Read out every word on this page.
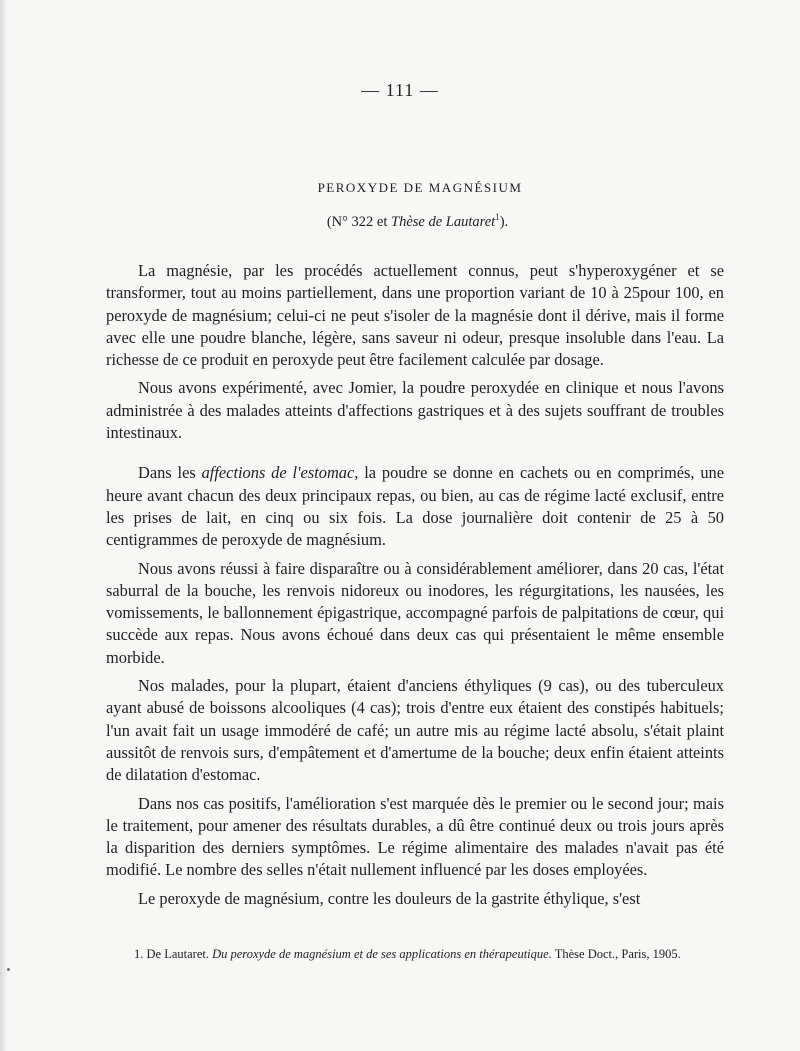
— 111 —
PEROXYDE DE MAGNÉSIUM
(N° 322 et Thèse de Lautaret$^1$).

La magnésie, par les procédés actuellement connus, peut s'hyperoxygéner et se transformer, tout au moins partiellement, dans une proportion variant de 10 à 25pour 100, en peroxyde de magnésium; celui-ci ne peut s'isoler de la magnésie dont il dérive, mais il forme avec elle une poudre blanche, légère, sans saveur ni odeur, presque insoluble dans l'eau. La richesse de ce produit en peroxyde peut être facilement calculée par dosage.

Nous avons expérimenté, avec Jomier, la poudre peroxydée en clinique et nous l'avons administrée à des malades atteints d'affections gastriques et à des sujets souffrant de troubles intestinaux.

Dans les affections de l'estomac, la poudre se donne en cachets ou en comprimés, une heure avant chacun des deux principaux repas, ou bien, au cas de régime lacté exclusif, entre les prises de lait, en cinq ou six fois. La dose journalière doit contenir de 25 à 50 centigrammes de peroxyde de magnésium.

Nous avons réussi à faire disparaître ou à considérablement améliorer, dans 20 cas, l'état saburral de la bouche, les renvois nidoreux ou inodores, les régurgitations, les nausées, les vomissements, le ballonnement épigastrique, accompagné parfois de palpitations de cœur, qui succède aux repas. Nous avons échoué dans deux cas qui présentaient le même ensemble morbide.

Nos malades, pour la plupart, étaient d'anciens éthyliques (9 cas), ou des tuberculeux ayant abusé de boissons alcooliques (4 cas); trois d'entre eux étaient des constipés habituels; l'un avait fait un usage immodéré de café; un autre mis au régime lacté absolu, s'était plaint aussitôt de renvois surs, d'empâtement et d'amertume de la bouche; deux enfin étaient atteints de dilatation d'estomac.

Dans nos cas positifs, l'amélioration s'est marquée dès le premier ou le second jour; mais le traitement, pour amener des résultats durables, a dû être continué deux ou trois jours après la disparition des derniers symptômes. Le régime alimentaire des malades n'avait pas été modifié. Le nombre des selles n'était nullement influencé par les doses employées.

Le peroxyde de magnésium, contre les douleurs de la gastrite éthylique, s'est

1. De Lautaret. Du peroxyde de magnésium et de ses applications en thérapeutique. Thèse Doct., Paris, 1905.
